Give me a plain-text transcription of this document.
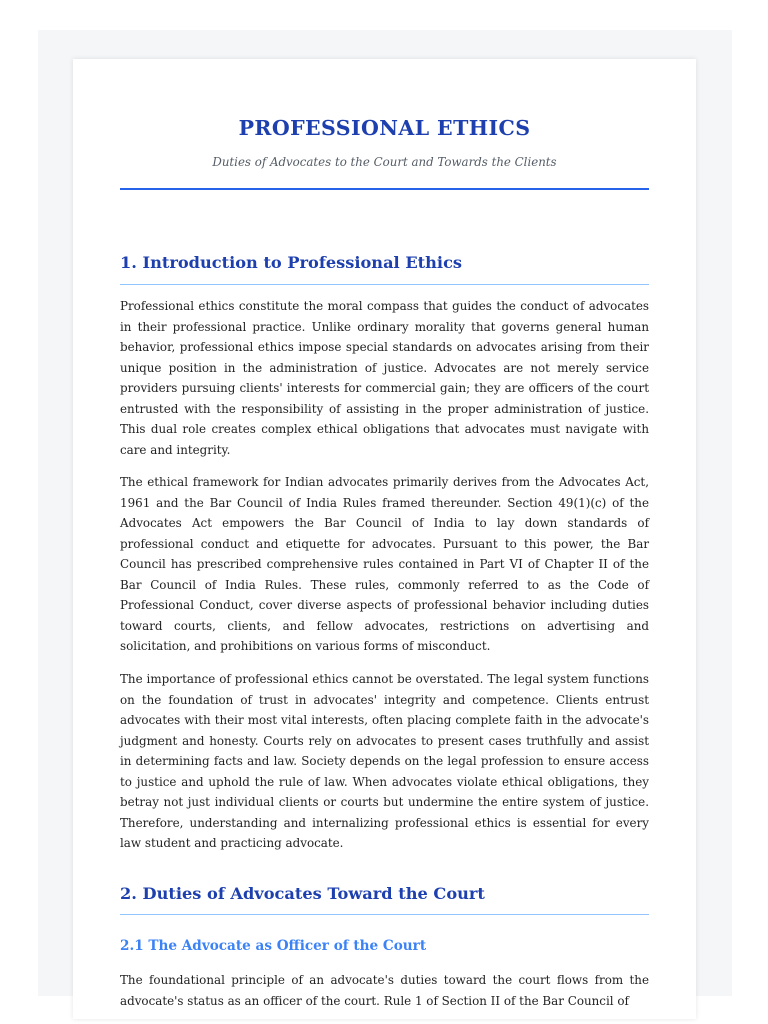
PROFESSIONAL ETHICS
Duties of Advocates to the Court and Towards the Clients
1. Introduction to Professional Ethics

Professional ethics constitute the moral compass that guides the conduct of advocates in their professional practice. Unlike ordinary morality that governs general human behavior, professional ethics impose special standards on advocates arising from their unique position in the administration of justice. Advocates are not merely service providers pursuing clients' interests for commercial gain; they are officers of the court entrusted with the responsibility of assisting in the proper administration of justice. This dual role creates complex ethical obligations that advocates must navigate with care and integrity.

The ethical framework for Indian advocates primarily derives from the Advocates Act, 1961 and the Bar Council of India Rules framed thereunder. Section 49(1)(c) of the Advocates Act empowers the Bar Council of India to lay down standards of professional conduct and etiquette for advocates. Pursuant to this power, the Bar Council has prescribed comprehensive rules contained in Part VI of Chapter II of the Bar Council of India Rules. These rules, commonly referred to as the Code of Professional Conduct, cover diverse aspects of professional behavior including duties toward courts, clients, and fellow advocates, restrictions on advertising and solicitation, and prohibitions on various forms of misconduct.

The importance of professional ethics cannot be overstated. The legal system functions on the foundation of trust in advocates' integrity and competence. Clients entrust advocates with their most vital interests, often placing complete faith in the advocate's judgment and honesty. Courts rely on advocates to present cases truthfully and assist in determining facts and law. Society depends on the legal profession to ensure access to justice and uphold the rule of law. When advocates violate ethical obligations, they betray not just individual clients or courts but undermine the entire system of justice. Therefore, understanding and internalizing professional ethics is essential for every law student and practicing advocate.

2. Duties of Advocates Toward the Court
2.1 The Advocate as Officer of the Court

The foundational principle of an advocate's duties toward the court flows from the advocate's status as an officer of the court. Rule 1 of Section II of the Bar Council of
